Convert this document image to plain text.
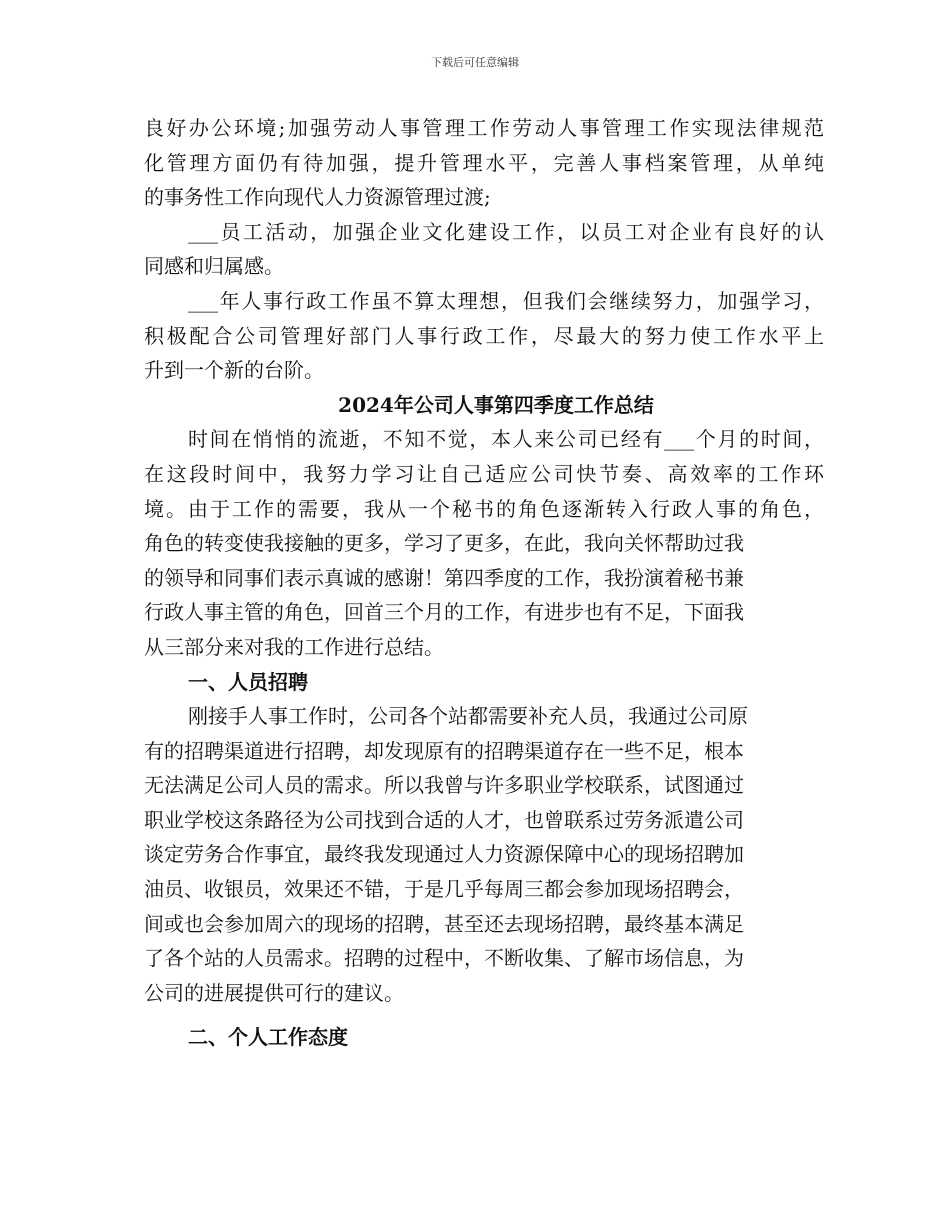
下载后可任意编辑
良好办公环境;加强劳动人事管理工作劳动人事管理工作实现法律规范
化管理方面仍有待加强，提升管理水平，完善人事档案管理，从单纯
的事务性工作向现代人力资源管理过渡;
___员工活动，加强企业文化建设工作，以员工对企业有良好的认
同感和归属感。
___年人事行政工作虽不算太理想，但我们会继续努力，加强学习，
积极配合公司管理好部门人事行政工作，尽最大的努力使工作水平上
升到一个新的台阶。
2024年公司人事第四季度工作总结
时间在悄悄的流逝，不知不觉，本人来公司已经有___个月的时间，
在这段时间中，我努力学习让自己适应公司快节奏、高效率的工作环
境。由于工作的需要，我从一个秘书的角色逐渐转入行政人事的角色，
角色的转变使我接触的更多，学习了更多，在此，我向关怀帮助过我
的领导和同事们表示真诚的感谢！第四季度的工作，我扮演着秘书兼
行政人事主管的角色，回首三个月的工作，有进步也有不足，下面我
从三部分来对我的工作进行总结。
一、人员招聘
刚接手人事工作时，公司各个站都需要补充人员，我通过公司原
有的招聘渠道进行招聘，却发现原有的招聘渠道存在一些不足，根本
无法满足公司人员的需求。所以我曾与许多职业学校联系，试图通过
职业学校这条路径为公司找到合适的人才，也曾联系过劳务派遣公司
谈定劳务合作事宜，最终我发现通过人力资源保障中心的现场招聘加
油员、收银员，效果还不错，于是几乎每周三都会参加现场招聘会，
间或也会参加周六的现场的招聘，甚至还去现场招聘，最终基本满足
了各个站的人员需求。招聘的过程中，不断收集、了解市场信息，为
公司的进展提供可行的建议。
二、个人工作态度
